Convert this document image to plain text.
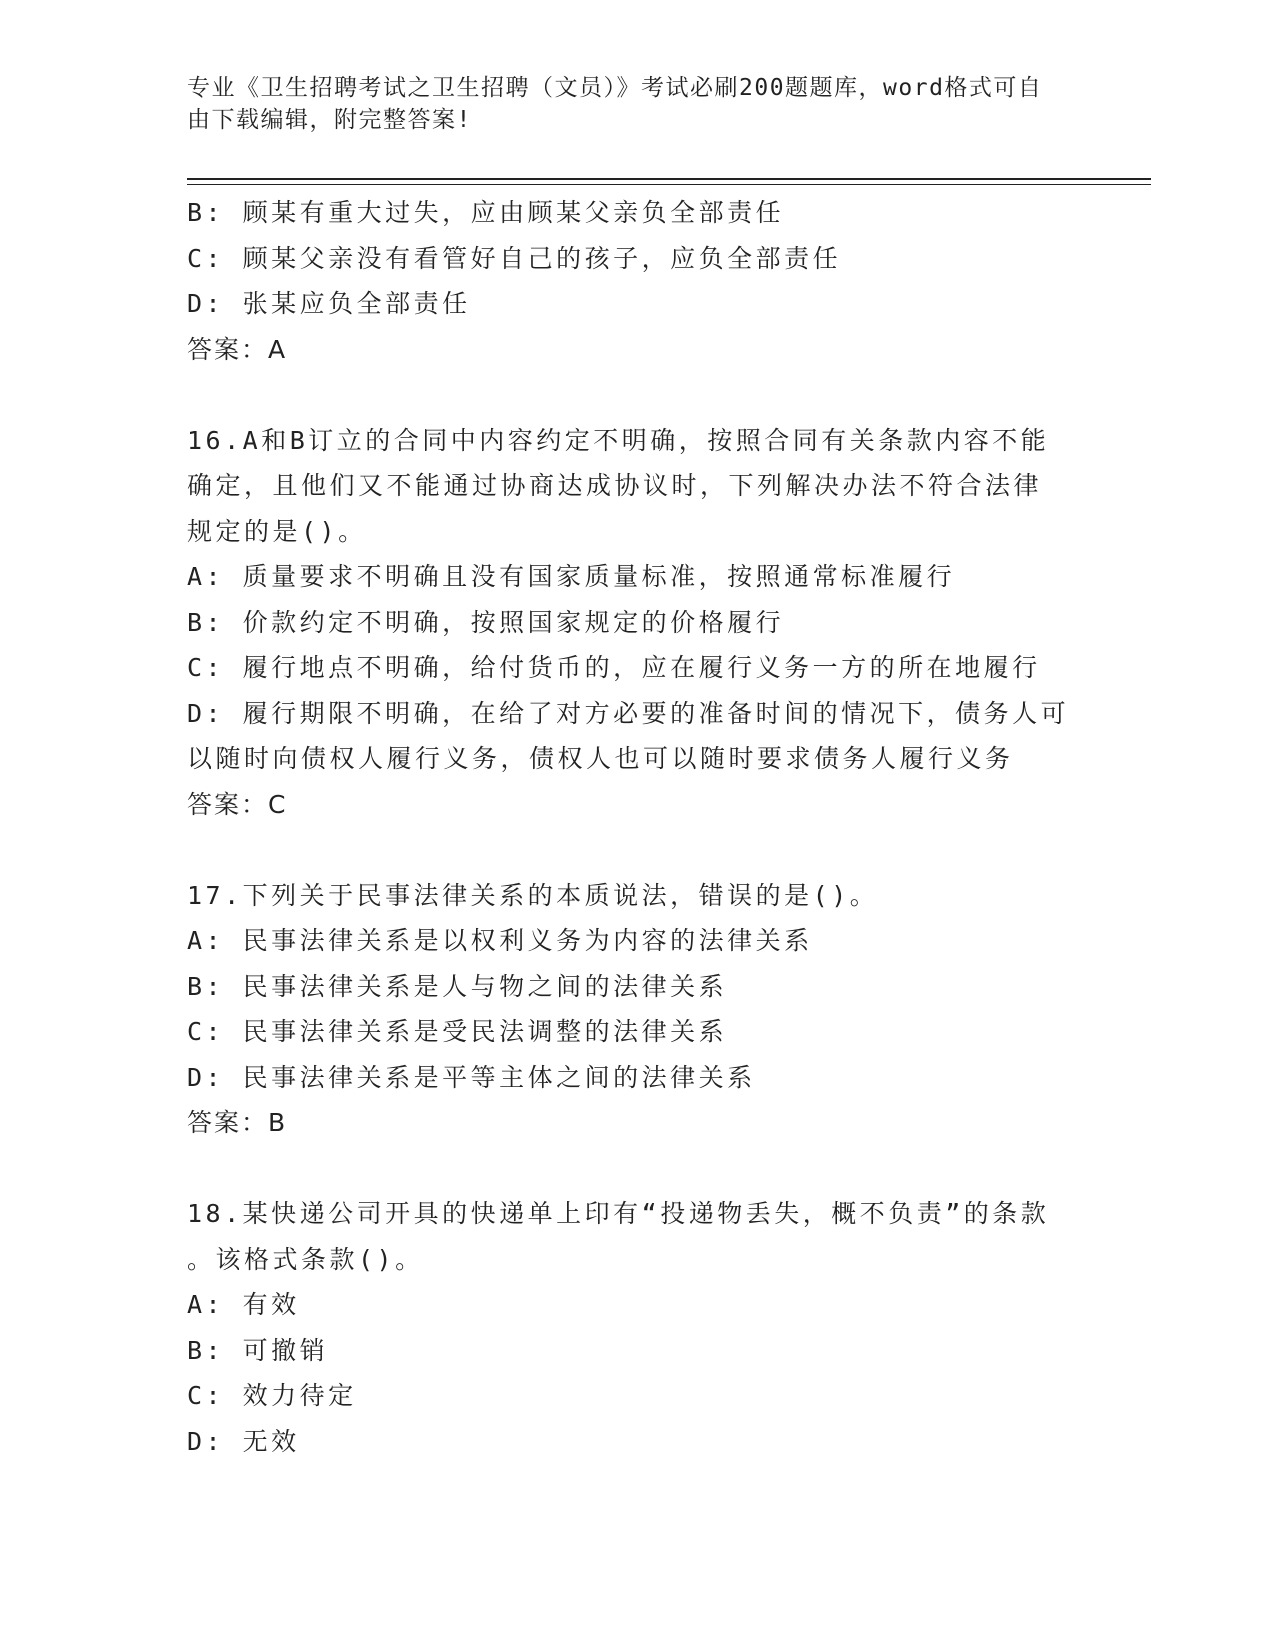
专业《卫生招聘考试之卫生招聘（文员）》考试必刷200题题库，word格式可自
由下载编辑，附完整答案!
B: 顾某有重大过失，应由顾某父亲负全部责任
C: 顾某父亲没有看管好自己的孩子，应负全部责任
D: 张某应负全部责任
答案：A
16.A和B订立的合同中内容约定不明确，按照合同有关条款内容不能
确定，且他们又不能通过协商达成协议时，下列解决办法不符合法律
规定的是()。
A: 质量要求不明确且没有国家质量标准，按照通常标准履行
B: 价款约定不明确，按照国家规定的价格履行
C: 履行地点不明确，给付货币的，应在履行义务一方的所在地履行
D: 履行期限不明确，在给了对方必要的准备时间的情况下，债务人可
以随时向债权人履行义务，债权人也可以随时要求债务人履行义务
答案：C
17.下列关于民事法律关系的本质说法，错误的是()。
A: 民事法律关系是以权利义务为内容的法律关系
B: 民事法律关系是人与物之间的法律关系
C: 民事法律关系是受民法调整的法律关系
D: 民事法律关系是平等主体之间的法律关系
答案：B
18.某快递公司开具的快递单上印有“投递物丢失，概不负责”的条款
。该格式条款()。
A: 有效
B: 可撤销
C: 效力待定
D: 无效
